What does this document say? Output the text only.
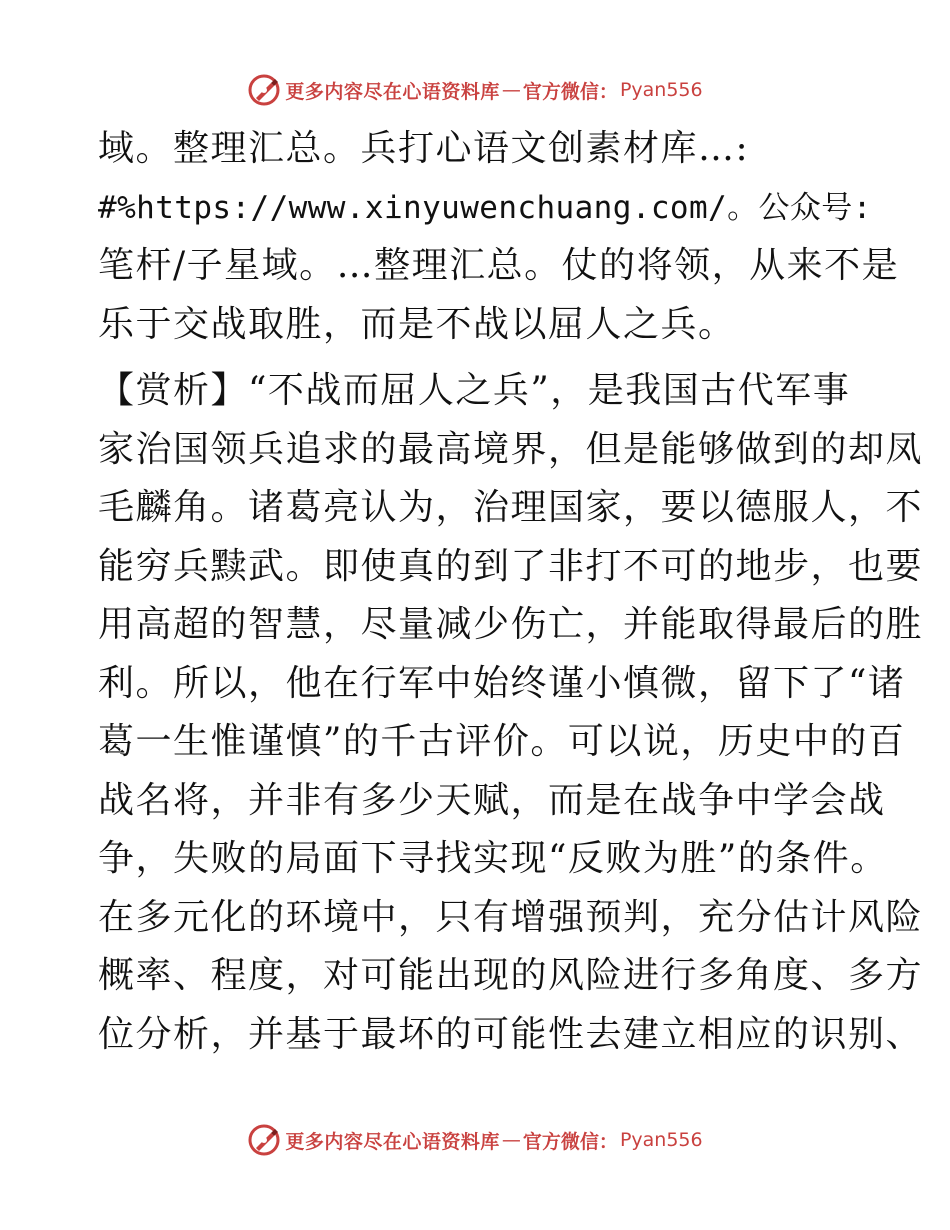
更多内容尽在心语资料库 — 官方微信： Pyan556
域。整理汇总。兵打心语文创素材库…:
#%https://www.xinyuwenchuang.com/。公众号:
笔杆/子星域。…整理汇总。仗的将领，从来不是
乐于交战取胜，而是不战以屈人之兵。
【赏析】“不战而屈人之兵”，是我国古代军事
家治国领兵追求的最高境界，但是能够做到的却凤
毛麟角。诸葛亮认为，治理国家，要以德服人，不
能穷兵黩武。即使真的到了非打不可的地步，也要
用高超的智慧，尽量减少伤亡，并能取得最后的胜
利。所以，他在行军中始终谨小慎微，留下了“诸
葛一生惟谨慎”的千古评价。可以说，历史中的百
战名将，并非有多少天赋，而是在战争中学会战
争，失败的局面下寻找实现“反败为胜”的条件。
在多元化的环境中，只有增强预判，充分估计风险
概率、程度，对可能出现的风险进行多角度、多方
位分析，并基于最坏的可能性去建立相应的识别、
更多内容尽在心语资料库 — 官方微信： Pyan556
